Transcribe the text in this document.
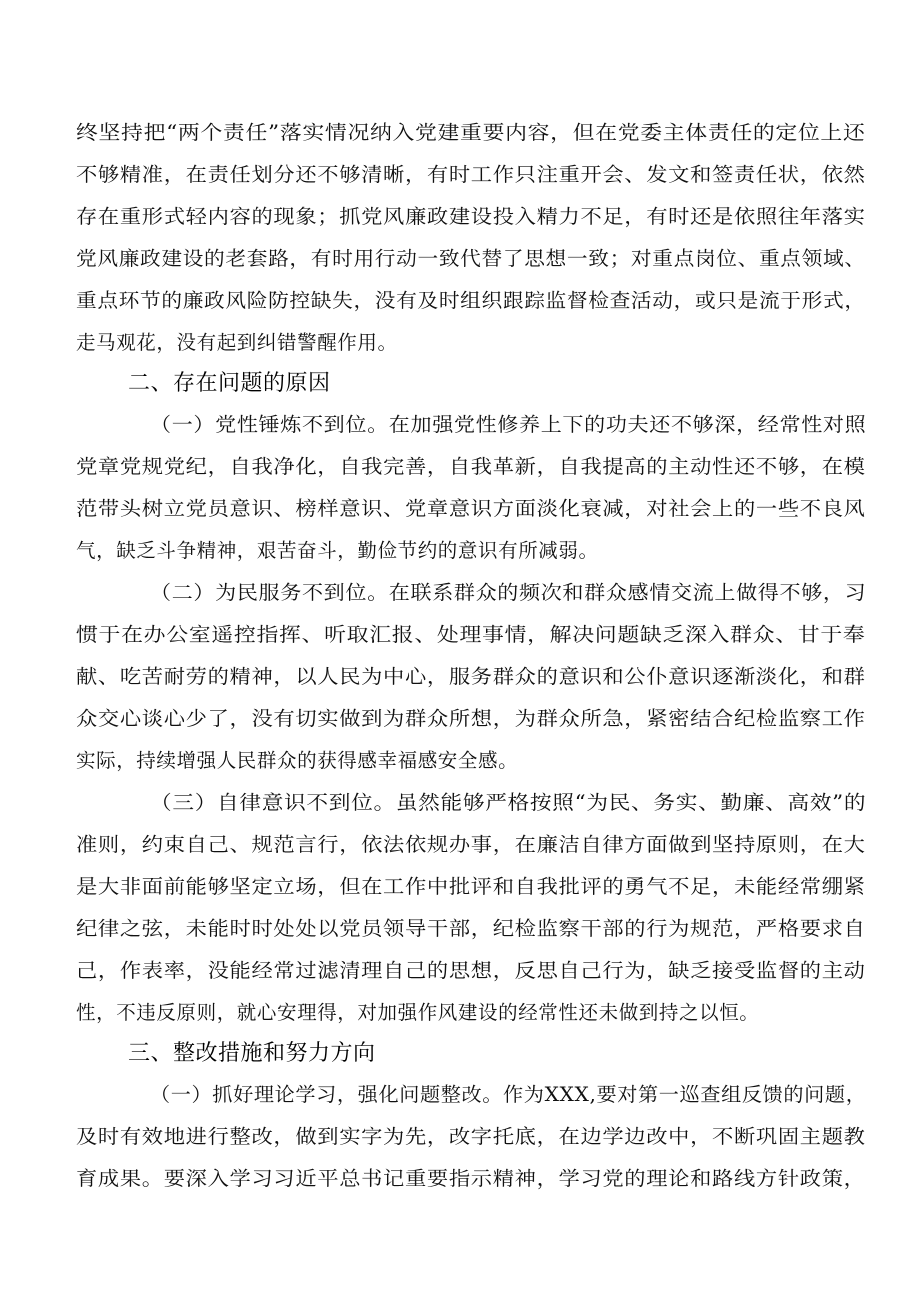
终坚持把“两个责任”落实情况纳入党建重要内容，但在党委主体责任的定位上还
不够精准，在责任划分还不够清晰，有时工作只注重开会、发文和签责任状，依然
存在重形式轻内容的现象；抓党风廉政建设投入精力不足，有时还是依照往年落实
党风廉政建设的老套路，有时用行动一致代替了思想一致；对重点岗位、重点领域、
重点环节的廉政风险防控缺失，没有及时组织跟踪监督检查活动，或只是流于形式，
走马观花，没有起到纠错警醒作用。
二、存在问题的原因
（一）党性锤炼不到位。在加强党性修养上下的功夫还不够深，经常性对照
党章党规党纪，自我净化，自我完善，自我革新，自我提高的主动性还不够，在模
范带头树立党员意识、榜样意识、党章意识方面淡化衰减，对社会上的一些不良风
气，缺乏斗争精神，艰苦奋斗，勤俭节约的意识有所减弱。
（二）为民服务不到位。在联系群众的频次和群众感情交流上做得不够，习
惯于在办公室遥控指挥、听取汇报、处理事情，解决问题缺乏深入群众、甘于奉
献、吃苦耐劳的精神，以人民为中心，服务群众的意识和公仆意识逐渐淡化，和群
众交心谈心少了，没有切实做到为群众所想，为群众所急，紧密结合纪检监察工作
实际，持续增强人民群众的获得感幸福感安全感。
（三）自律意识不到位。虽然能够严格按照“为民、务实、勤廉、高效”的
准则，约束自己、规范言行，依法依规办事，在廉洁自律方面做到坚持原则，在大
是大非面前能够坚定立场，但在工作中批评和自我批评的勇气不足，未能经常绷紧
纪律之弦，未能时时处处以党员领导干部，纪检监察干部的行为规范，严格要求自
己，作表率，没能经常过滤清理自己的思想，反思自己行为，缺乏接受监督的主动
性，不违反原则，就心安理得，对加强作风建设的经常性还未做到持之以恒。
三、整改措施和努力方向
（一）抓好理论学习，强化问题整改。作为XXX,要对第一巡查组反馈的问题，
及时有效地进行整改，做到实字为先，改字托底，在边学边改中，不断巩固主题教
育成果。要深入学习习近平总书记重要指示精神，学习党的理论和路线方针政策，
